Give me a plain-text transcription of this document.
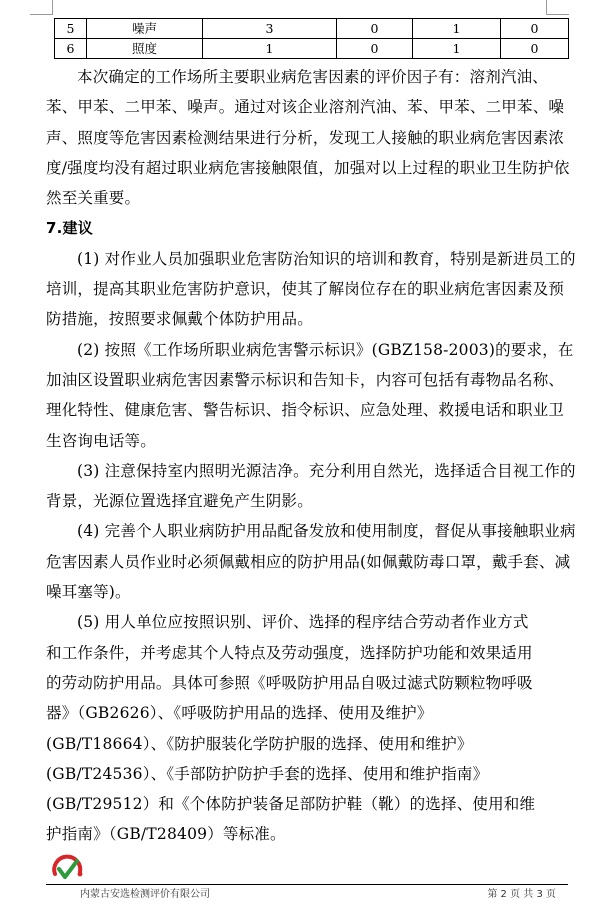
5	噪声	3	0	1	0
6	照度	1	0	1	0

本次确定的工作场所主要职业病危害因素的评价因子有：溶剂汽油、苯、甲苯、二甲苯、噪声。通过对该企业溶剂汽油、苯、甲苯、二甲苯、噪声、照度等危害因素检测结果进行分析，发现工人接触的职业病危害因素浓度/强度均没有超过职业病危害接触限值，加强对以上过程的职业卫生防护依然至关重要。

7.建议

(1) 对作业人员加强职业危害防治知识的培训和教育，特别是新进员工的培训，提高其职业危害防护意识，使其了解岗位存在的职业病危害因素及预防措施，按照要求佩戴个体防护用品。

(2) 按照《工作场所职业病危害警示标识》(GBZ158-2003)的要求，在加油区设置职业病危害因素警示标识和告知卡，内容可包括有毒物品名称、理化特性、健康危害、警告标识、指令标识、应急处理、救援电话和职业卫生咨询电话等。

(3) 注意保持室内照明光源洁净。充分利用自然光，选择适合目视工作的背景，光源位置选择宜避免产生阴影。

(4) 完善个人职业病防护用品配备发放和使用制度，督促从事接触职业病危害因素人员作业时必须佩戴相应的防护用品(如佩戴防毒口罩，戴手套、减噪耳塞等)。

(5) 用人单位应按照识别、评价、选择的程序结合劳动者作业方式

和工作条件，并考虑其个人特点及劳动强度，选择防护功能和效果适用

的劳动防护用品。具体可参照《呼吸防护用品自吸过滤式防颗粒物呼吸

器》（GB2626）、《呼吸防护用品的选择、使用及维护》

(GB/T18664）、《防护服装化学防护服的选择、使用和维护》

(GB/T24536）、《手部防护防护手套的选择、使用和维护指南》

(GB/T29512）和《个体防护装备足部防护鞋（靴）的选择、使用和维

护指南》（GB/T28409）等标准。

内蒙古安选检测评价有限公司	第 2 页 共 3 页
